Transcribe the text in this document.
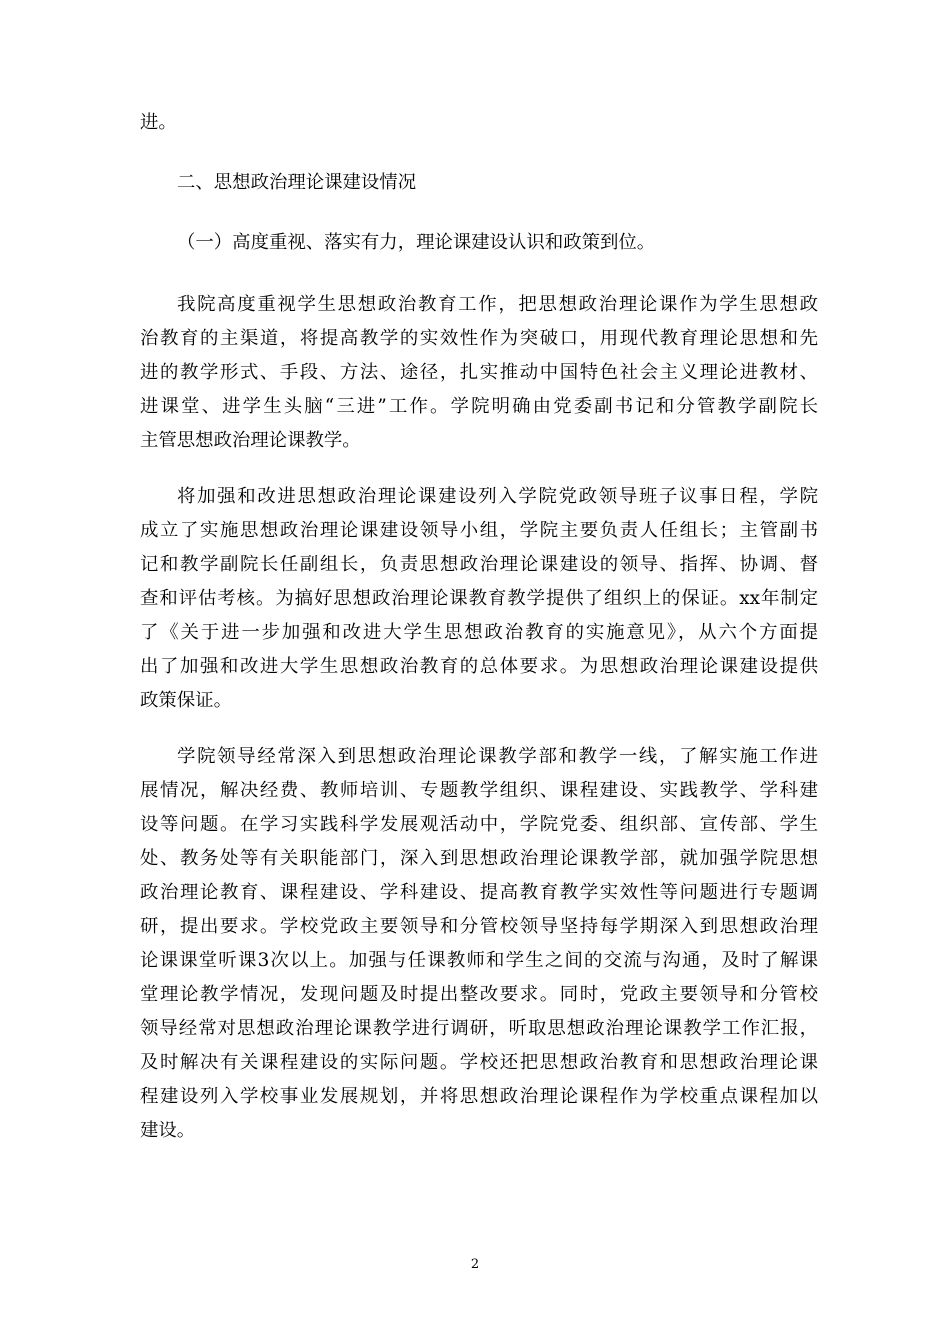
进。
二、思想政治理论课建设情况
（一）高度重视、落实有力，理论课建设认识和政策到位。
我院高度重视学生思想政治教育工作，把思想政治理论课作为学生思想政
治教育的主渠道，将提高教学的实效性作为突破口，用现代教育理论思想和先
进的教学形式、手段、方法、途径，扎实推动中国特色社会主义理论进教材、
进课堂、进学生头脑“三进”工作。学院明确由党委副书记和分管教学副院长
主管思想政治理论课教学。
将加强和改进思想政治理论课建设列入学院党政领导班子议事日程，学院
成立了实施思想政治理论课建设领导小组，学院主要负责人任组长；主管副书
记和教学副院长任副组长，负责思想政治理论课建设的领导、指挥、协调、督
查和评估考核。为搞好思想政治理论课教育教学提供了组织上的保证。xx年制定
了《关于进一步加强和改进大学生思想政治教育的实施意见》，从六个方面提
出了加强和改进大学生思想政治教育的总体要求。为思想政治理论课建设提供
政策保证。
学院领导经常深入到思想政治理论课教学部和教学一线，了解实施工作进
展情况，解决经费、教师培训、专题教学组织、课程建设、实践教学、学科建
设等问题。在学习实践科学发展观活动中，学院党委、组织部、宣传部、学生
处、教务处等有关职能部门，深入到思想政治理论课教学部，就加强学院思想
政治理论教育、课程建设、学科建设、提高教育教学实效性等问题进行专题调
研，提出要求。学校党政主要领导和分管校领导坚持每学期深入到思想政治理
论课课堂听课3次以上。加强与任课教师和学生之间的交流与沟通，及时了解课
堂理论教学情况，发现问题及时提出整改要求。同时，党政主要领导和分管校
领导经常对思想政治理论课教学进行调研，听取思想政治理论课教学工作汇报，
及时解决有关课程建设的实际问题。学校还把思想政治教育和思想政治理论课
程建设列入学校事业发展规划，并将思想政治理论课程作为学校重点课程加以
建设。
2
